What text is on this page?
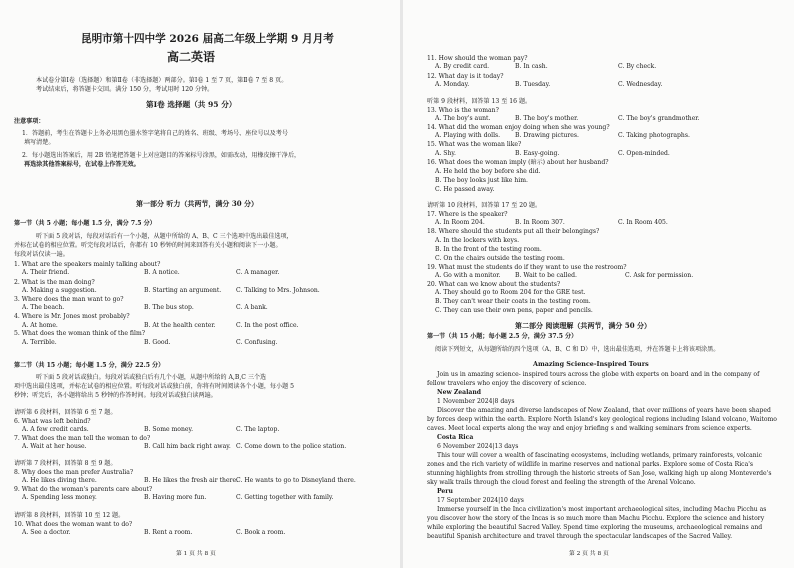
昆明市第十四中学 2026 届高二年级上学期 9 月月考
高二英语
本试卷分第Ⅰ卷（选择题）和第Ⅱ卷（非选择题）两部分。第Ⅰ卷 1 至 7 页，第Ⅱ卷 7 至 8 页。
考试结束后，将答题卡交回。满分 150 分，考试用时 120 分钟。
第Ⅰ卷 选择题（共 95 分）
注意事项：
1．答题前，考生在答题卡上务必用黑色墨水签字笔将自己的姓名、班级、考场号、座位号以及考号
填写清楚。
2．每小题选出答案后，用 2B 铅笔把答题卡上对应题目的答案标号涂黑，如需改动，用橡皮擦干净后，
再选涂其他答案标号，在试卷上作答无效。
第一部分 听力（共两节，满分 30 分）
第一节（共 5 小题；每小题 1.5 分，满分 7.5 分）
听下面 5 段对话，每段对话后有一个小题，从题中所给的 A、B、C 三个选项中选出最佳选项，
并标在试卷的相应位置。听完每段对话后，你都有 10 秒钟的时间来回答有关小题和阅读下一小题。
每段对话仅读一遍。
1. What are the speakers mainly talking about?
A. Their friend.	B. A notice.	C. A manager.
2. What is the man doing?
A. Making a suggestion.	B. Starting an argument. C. Talking to Mrs. Johnson.
3. Where does the man want to go?
A. The beach.	B. The bus stop.	C. A bank.
4. Where is Mr. Jones most probably?
A. At home.	B. At the health center.	C. In the post office.
5. What does the woman think of the film?
A. Terrible.	B. Good.	C. Confusing.
第二节（共 15 小题；每小题 1.5 分，满分 22.5 分）
听下面 5 段对话或独白。每段对话或独白后有几个小题，从题中所给的 A,B,C 三个选
项中选出最佳选项，并标在试卷的相应位置。听每段对话或独白前，你将有时间阅读各个小题，每小题 5
秒钟；听完后，各小题将给出 5 秒钟的作答时间。每段对话或独白读两遍。
请听第 6 段材料，回答第 6 至 7 题。
6. What was left behind?
A. A few credit cards.	B. Some money.	C. The laptop.
7. What does the man tell the woman to do?
A. Wait at her house.	B. Call him back right away. C. Come down to the police station.
请听第 7 段材料，回答第 8 至 9 题。
8. Why does the man prefer Australia?
A. He likes diving there.	B. He likes the fresh air there.
C. He wants to go to Disneyland there.
9. What do the woman's parents care about?
A. Spending less money.	B. Having more fun.	C. Getting together with family.
请听第 8 段材料，回答第 10 至 12 题。
10. What does the woman want to do?
A. See a doctor.	B. Rent a room.	C. Book a room.
第 1 页 共 8 页
11. How should the woman pay?
A. By credit card.	B. In cash.	C. By check.
12. What day is it today?
A. Monday.	B. Tuesday.	C. Wednesday.
听第 9 段材料，回答第 13 至 16 题。
13. Who is the woman?
A. The boy's aunt.	B. The boy's mother.	C. The boy's grandmother.
14. What did the woman enjoy doing when she was young?
A. Playing with dolls. B. Drawing pictures.	C. Taking photographs.
15. What was the woman like?
A. Shy.	B. Easy-going.	C. Open-minded.
16. What does the woman imply (暗示) about her husband?
A. He held the boy before she did.
B. The boy looks just like him.
C. He passed away.
请听第 10 段材料，回答第 17 至 20 题。
17. Where is the speaker?
A. In Room 204.	B. In Room 307.	C. In Room 405.
18. Where should the students put all their belongings?
A. In the lockers with keys.
B. In the front of the testing room.
C. On the chairs outside the testing room.
19. What must the students do if they want to use the restroom?
A. Go with a monitor. B. Wait to be called.	C. Ask for permission.
20. What can we know about the students?
A. They should go to Room 204 for the GRE test.
B. They can't wear their coats in the testing room.
C. They can use their own pens, paper and pencils.
第二部分 阅读理解（共两节，满分 50 分）
第一节（共 15 小题；每小题 2.5 分，满分 37.5 分）
阅读下列短文，从每题所给的四个选项（A、B、C 和 D）中，选出最佳选项，并在答题卡上将该项涂黑。
Amazing Science-Inspired Tours
Join us in amazing science- inspired tours across the globe with experts on board and in the company of
fellow travelers who enjoy the discovery of science.
New Zealand
1 November 2024|8 days
Discover the amazing and diverse landscapes of New Zealand, that over millions of years have been shaped
by forces deep within the earth. Explore North Island's key geological regions including Island volcano, Waitomo
caves. Meet local experts along the way and enjoy briefing s and walking seminars from science experts.
Costa Rica
6 November 2024|13 days
This tour will cover a wealth of fascinating ecosystems, including wetlands, primary rainforests, volcanic
zones and the rich variety of wildlife in marine reserves and national parks. Explore some of Costa Rica's
stunning highlights from strolling through the historic streets of San Jose, walking high up along Monteverde's
sky walk trails through the cloud forest and feeling the strength of the Arenal Volcano.
Peru
17 September 2024|10 days
Immerse yourself in the Inca civilization's most important archaeological sites, including Machu Picchu as
you discover how the story of the Incas is so much more than Machu Picchu. Explore the science and history
while exploring the beautiful Sacred Valley. Spend time exploring the museums, archaeological remains and
beautiful Spanish architecture and travel through the spectacular landscapes of the Sacred Valley.
第 2 页 共 8 页
